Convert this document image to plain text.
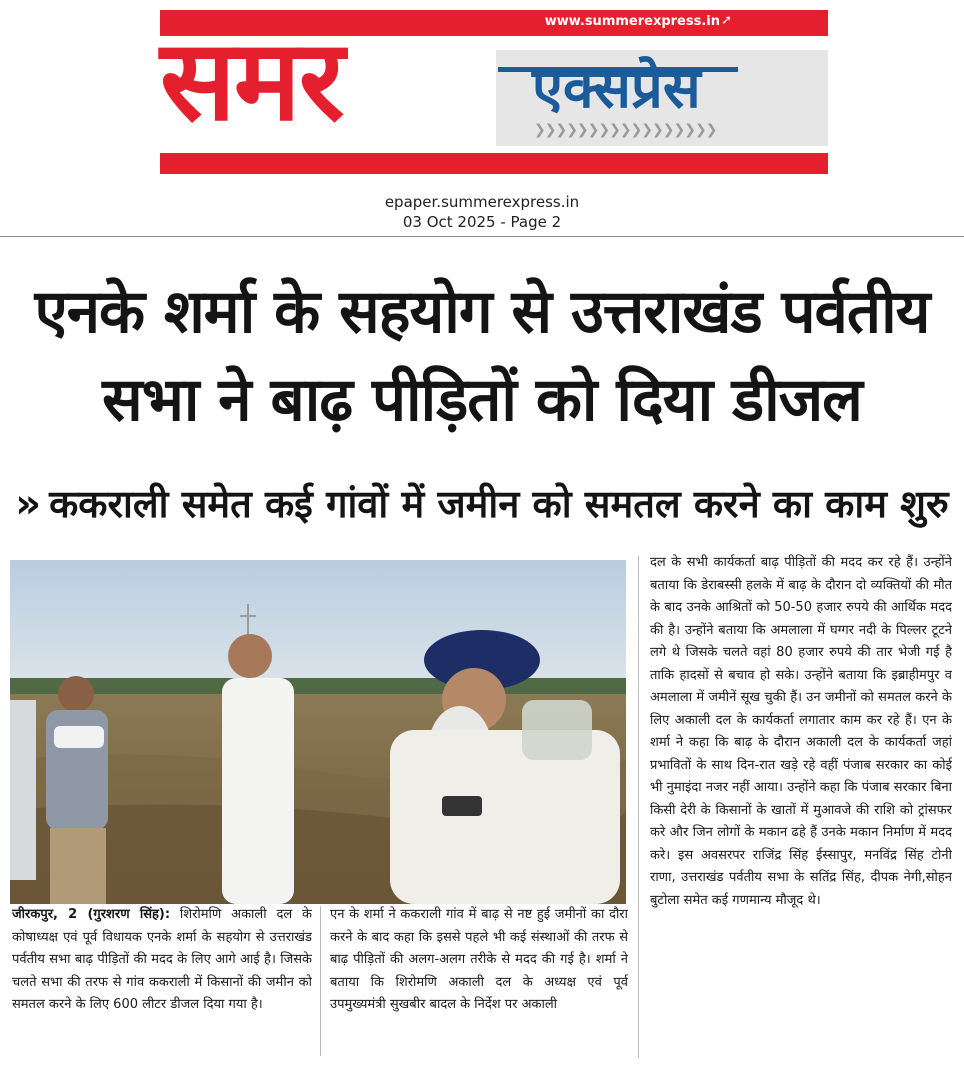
समर	एक्सप्रेस
❯❯❯❯❯❯❯❯❯❯❯❯❯❯❯❯❯
www.summerexpress.in ➚
epaper.summerexpress.in
03 Oct 2025 - Page 2
एनके शर्मा के सहयोग से उत्तराखंड पर्वतीय
सभा ने बाढ़ पीड़ितों को दिया डीजल
» ककराली समेत कई गांवों में जमीन को समतल करने का काम शुरु
जीरकपुर, 2 (गुरशरण सिंह): शिरोमणि अकाली दल के कोषाध्यक्ष एवं पूर्व विधायक एनके शर्मा के सहयोग से उत्तराखंड पर्वतीय सभा बाढ़ पीड़ितों की मदद के लिए आगे आई है। जिसके चलते सभा की तरफ से गांव ककराली में किसानों की जमीन को समतल करने के लिए 600 लीटर डीजल दिया गया है।
एन के शर्मा ने ककराली गांव में बाढ़ से नष्ट हुई जमीनों का दौरा करने के बाद कहा कि इससे पहले भी कई संस्थाओं की तरफ से बाढ़ पीड़ितों की अलग-अलग तरीके से मदद की गई है। शर्मा ने बताया कि शिरोमणि अकाली दल के अध्यक्ष एवं पूर्व उपमुख्यमंत्री सुखबीर बादल के निर्देश पर अकाली
दल के सभी कार्यकर्ता बाढ़ पीड़ितों की मदद कर रहे हैं। उन्होंने बताया कि डेराबस्सी हलके में बाढ़ के दौरान दो व्यक्तियों की मौत के बाद उनके आश्रितों को 50-50 हजार रुपये की आर्थिक मदद की है। उन्होंने बताया कि अमलाला में घग्गर नदी के पिल्लर टूटने लगे थे जिसके चलते वहां 80 हजार रुपये की तार भेजी गई है ताकि हादसों से बचाव हो सके। उन्होंने बताया कि इब्राहीमपुर व अमलाला में जमीनें सूख चुकी हैं। उन जमीनों को समतल करने के लिए अकाली दल के कार्यकर्ता लगातार काम कर रहे हैं। एन के शर्मा ने कहा कि बाढ़ के दौरान अकाली दल के कार्यकर्ता जहां प्रभावितों के साथ दिन-रात खड़े रहे वहीं पंजाब सरकार का कोई भी नुमाइंदा नजर नहीं आया। उन्होंने कहा कि पंजाब सरकार बिना किसी देरी के किसानों के खातों में मुआवजे की राशि को ट्रांसफर करे और जिन लोगों के मकान ढहे हैं उनके मकान निर्माण में मदद करे। इस अवसरपर राजिंद्र सिंह ईस्सापुर, मनविंद्र सिंह टोनी राणा, उत्तराखंड पर्वतीय सभा के सतिंद्र सिंह, दीपक नेगी,सोहन बुटोला समेत कई गणमान्य मौजूद थे।
